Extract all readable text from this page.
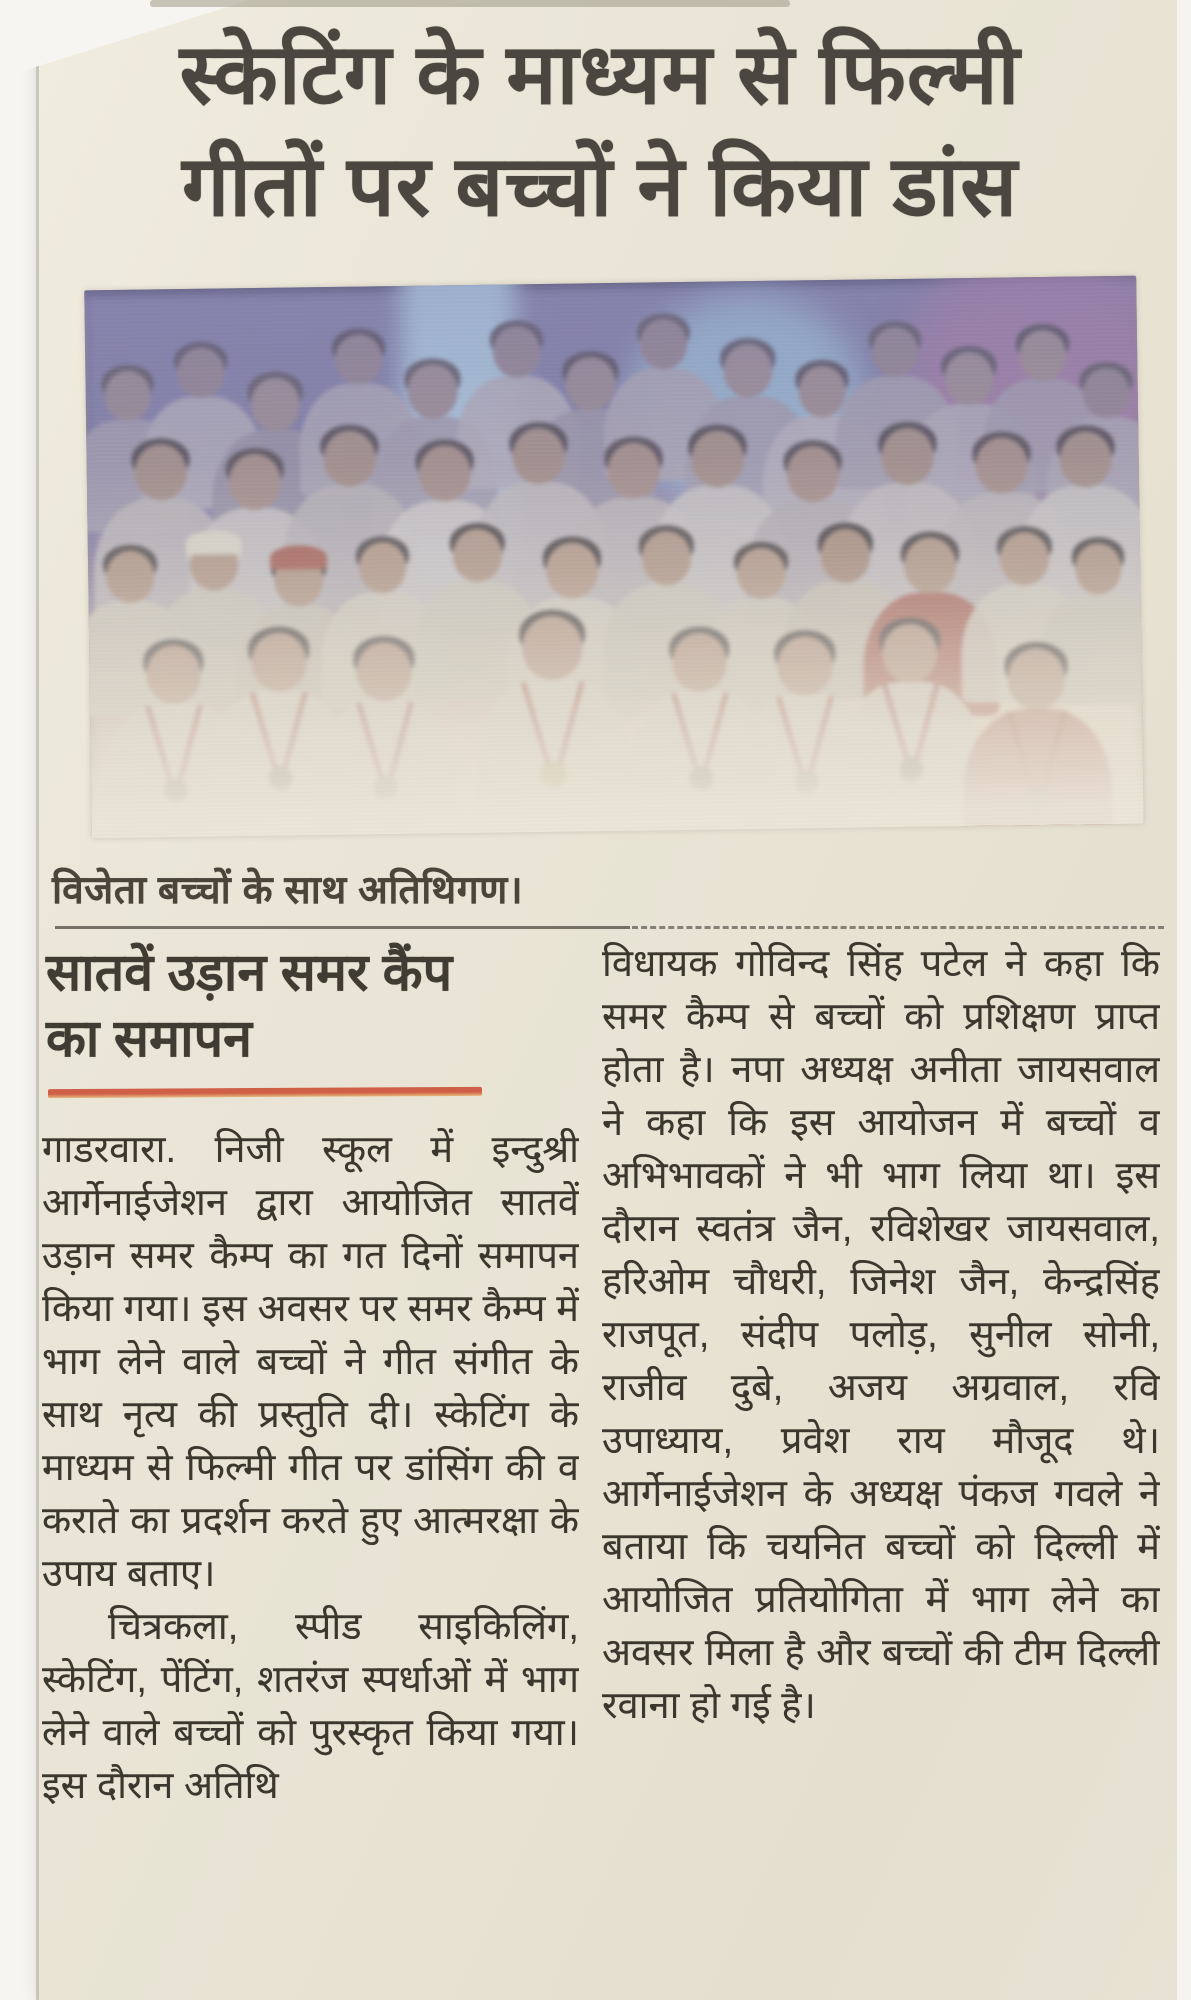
स्केटिंग के माध्यम से फिल्मी
गीतों पर बच्चों ने किया डांस
विजेता बच्चों के साथ अतिथिगण।
सातवें उड़ान समर कैंप
का समापन

गाडरवारा. निजी स्कूल में इन्दुश्री आर्गेनाईजेशन द्वारा आयोजित सातवें उड़ान समर कैम्प का गत दिनों समापन किया गया। इस अवसर पर समर कैम्प में भाग लेने वाले बच्चों ने गीत संगीत के साथ नृत्य की प्रस्तुति दी। स्केटिंग के माध्यम से फिल्मी गीत पर डांसिंग की व कराते का प्रदर्शन करते हुए आत्मरक्षा के उपाय बताए।

चित्रकला, स्पीड साइकिलिंग, स्केटिंग, पेंटिंग, शतरंज स्पर्धाओं में भाग लेने वाले बच्चों को पुरस्कृत किया गया। इस दौरान अतिथि

विधायक गोविन्द सिंह पटेल ने कहा कि समर कैम्प से बच्चों को प्रशिक्षण प्राप्त होता है। नपा अध्यक्ष अनीता जायसवाल ने कहा कि इस आयोजन में बच्चों व अभिभावकों ने भी भाग लिया था। इस दौरान स्वतंत्र जैन, रविशेखर जायसवाल, हरिओम चौधरी, जिनेश जैन, केन्द्रसिंह राजपूत, संदीप पलोड़, सुनील सोनी, राजीव दुबे, अजय अग्रवाल, रवि उपाध्याय, प्रवेश राय मौजूद थे। आर्गेनाईजेशन के अध्यक्ष पंकज गवले ने बताया कि चयनित बच्चों को दिल्ली में आयोजित प्रतियोगिता में भाग लेने का अवसर मिला है और बच्चों की टीम दिल्ली रवाना हो गई है।
